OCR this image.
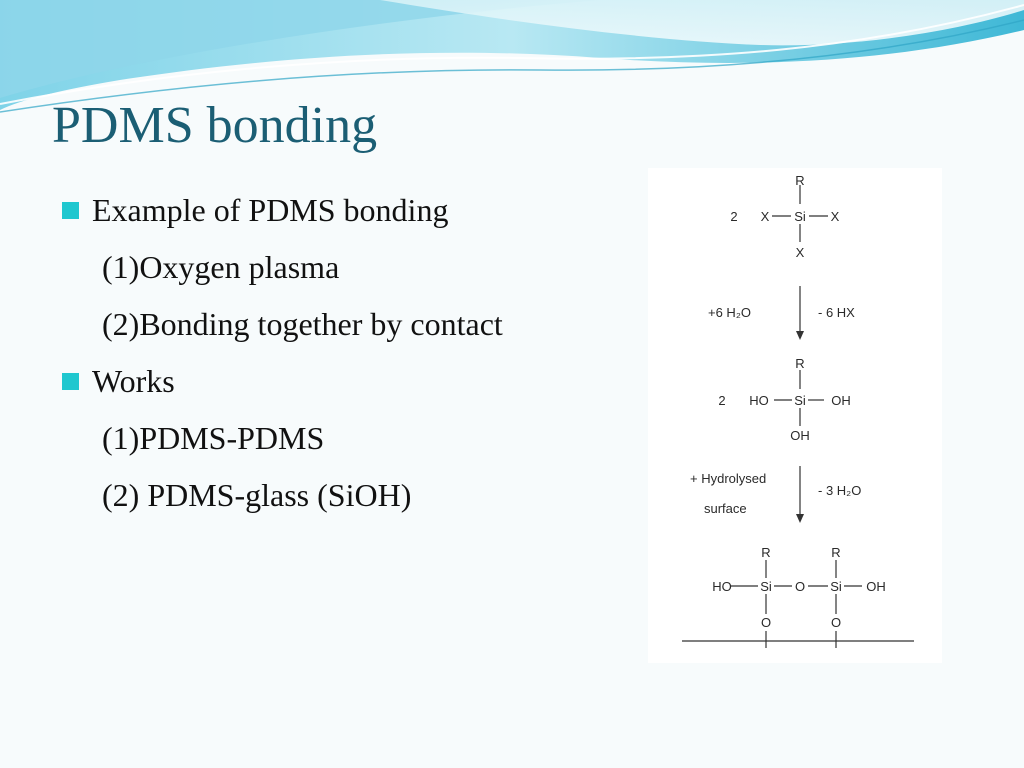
PDMS bonding
Example of PDMS bonding
(1)Oxygen plasma
(2)Bonding together by contact
Works
(1)PDMS-PDMS
(2) PDMS-glass (SiOH)
R
2 X Si X
X
+6 H₂O	- 6 HX
R
2 HO Si OH
OH
+ Hydrolysed
surface
- 3 H₂O
R	R
HO Si O Si OH
O	O
